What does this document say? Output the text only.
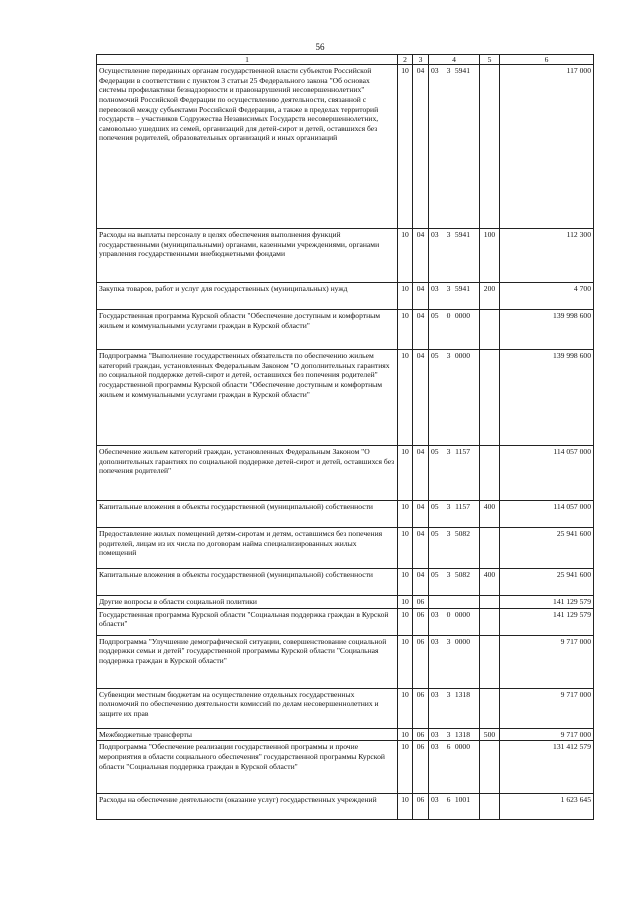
56
1	2	3	4	5	6
Осуществление переданных органам государственной власти субъектов Российской Федерации в соответствии с пунктом 3 статьи 25 Федерального закона "Об основах системы профилактики безнадзорности и правонарушений несовершеннолетних" полномочий Российской Федерации по осуществлению деятельности, связанной с перевозкой между субъектами Российской Федерации, а также в пределах территорий государств – участников Содружества Независимых Государств несовершеннолетних, самовольно ушедших из семей, организаций для детей-сирот и детей, оставшихся без попечения родителей, образовательных организаций и иных организаций	10	04	03 3 5941		117 000
Расходы на выплаты персоналу в целях обеспечения выполнения функций государственными (муниципальными) органами, казенными учреждениями, органами управления государственными внебюджетными фондами	10	04	03 3 5941	100	112 300
Закупка товаров, работ и услуг для государственных (муниципальных) нужд	10	04	03 3 5941	200	4 700
Государственная программа Курской области "Обеспечение доступным и комфортным жильем и коммунальными услугами граждан в Курской области"	10	04	05 0 0000		139 998 600
Подпрограмма "Выполнение государственных обязательств по обеспечению жильем категорий граждан, установленных Федеральным Законом "О дополнительных гарантиях по социальной поддержке детей-сирот и детей, оставшихся без попечения родителей" государственной программы Курской области "Обеспечение доступным и комфортным жильем и коммунальными услугами граждан в Курской области"	10	04	05 3 0000		139 998 600
Обеспечение жильем категорий граждан, установленных Федеральным Законом "О дополнительных гарантиях по социальной поддержке детей-сирот и детей, оставшихся без попечения родителей"	10	04	05 3 1157		114 057 000
Капитальные вложения в объекты государственной (муниципальной) собственности	10	04	05 3 1157	400	114 057 000
Предоставление жилых помещений детям-сиротам и детям, оставшимся без попечения родителей, лицам из их числа по договорам найма специализированных жилых помещений	10	04	05 3 5082		25 941 600
Капитальные вложения в объекты государственной (муниципальной) собственности	10	04	05 3 5082	400	25 941 600
Другие вопросы в области социальной политики	10	06			141 129 579
Государственная программа Курской области "Социальная поддержка граждан в Курской области"	10	06	03 0 0000		141 129 579
Подпрограмма "Улучшение демографической ситуации, совершенствование социальной поддержки семьи и детей" государственной программы Курской области "Социальная поддержка граждан в Курской области"	10	06	03 3 0000		9 717 000
Субвенции местным бюджетам на осуществление отдельных государственных полномочий по обеспечению деятельности комиссий по делам несовершеннолетних и защите их прав	10	06	03 3 1318		9 717 000
Межбюджетные трансферты	10	06	03 3 1318	500	9 717 000
Подпрограмма "Обеспечение реализации государственной программы и прочие мероприятия в области социального обеспечения" государственной программы Курской области "Социальная поддержка граждан в Курской области"	10	06	03 6 0000		131 412 579
Расходы на обеспечение деятельности (оказание услуг) государственных учреждений	10	06	03 6 1001		1 623 645
